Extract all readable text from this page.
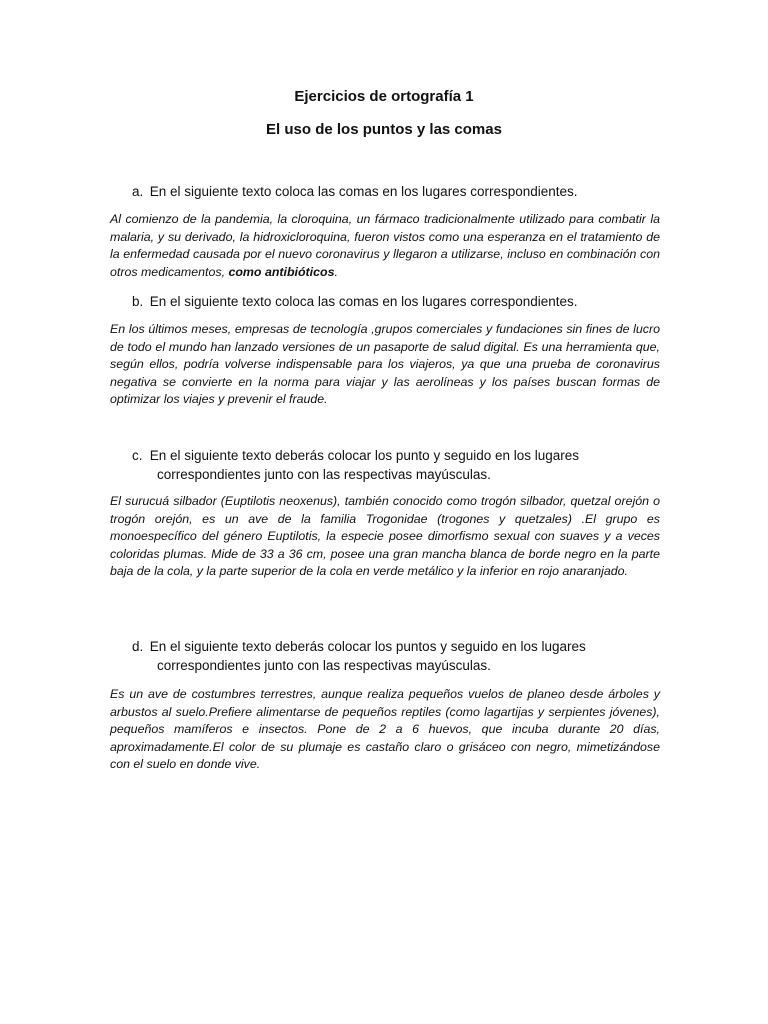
Ejercicios de ortografía 1
El uso de los puntos y las comas

a. En el siguiente texto coloca las comas en los lugares correspondientes.

Al comienzo de la pandemia, la cloroquina, un fármaco tradicionalmente utilizado para combatir la malaria, y su derivado, la hidroxicloroquina, fueron vistos como una esperanza en el tratamiento de la enfermedad causada por el nuevo coronavirus y llegaron a utilizarse, incluso en combinación con otros medicamentos, como antibióticos.

b. En el siguiente texto coloca las comas en los lugares correspondientes.

En los últimos meses, empresas de tecnología ,grupos comerciales y fundaciones sin fines de lucro de todo el mundo han lanzado versiones de un pasaporte de salud digital. Es una herramienta que, según ellos, podría volverse indispensable para los viajeros, ya que una prueba de coronavirus negativa se convierte en la norma para viajar y las aerolíneas y los países buscan formas de optimizar los viajes y prevenir el fraude.

c. En el siguiente texto deberás colocar los punto y seguido en los lugares
correspondientes junto con las respectivas mayúsculas.

El surucuá silbador (Euptilotis neoxenus), también conocido como trogón silbador, quetzal orejón o trogón orejón, es un ave de la familia Trogonidae (trogones y quetzales) .El grupo es monoespecífico del género Euptilotis, la especie posee dimorfismo sexual con suaves y a veces coloridas plumas. Mide de 33 a 36 cm, posee una gran mancha blanca de borde negro en la parte baja de la cola, y la parte superior de la cola en verde metálico y la inferior en rojo anaranjado.

d. En el siguiente texto deberás colocar los puntos y seguido en los lugares
correspondientes junto con las respectivas mayúsculas.

Es un ave de costumbres terrestres, aunque realiza pequeños vuelos de planeo desde árboles y arbustos al suelo.Prefiere alimentarse de pequeños reptiles (como lagartijas y serpientes jóvenes), pequeños mamíferos e insectos. Pone de 2 a 6 huevos, que incuba durante 20 días, aproximadamente.El color de su plumaje es castaño claro o grisáceo con negro, mimetizándose con el suelo en donde vive.
